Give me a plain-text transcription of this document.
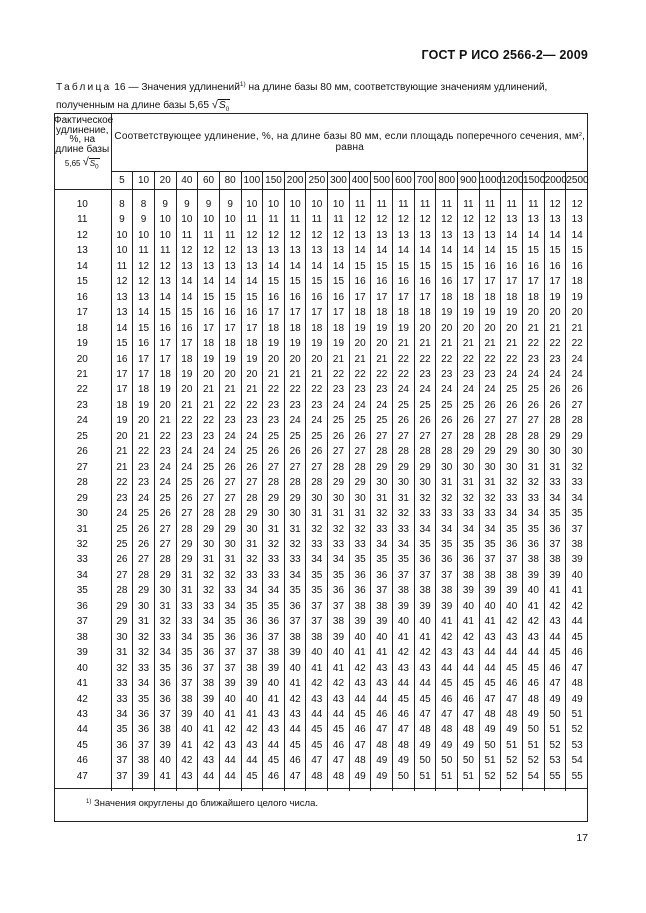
ГОСТ Р ИСО 2566-2— 2009
Таблица 16 — Значения удлинений$^{1)}$ на длине базы 80 мм, соответствующие значениям удлинений, полученным на длине базы 5,65 √ $S_0$
Фактическое удлинение, %, на длине базы
5,65 √ $S_0$	Соответствующее удлинение, %, на длине базы 80 мм, если площадь поперечного сечения, $мм^2$, равна																					
	5	10	20	40	60	80	100	150	200	250	300	400	500	600	700	800	900	1000	1200	1500	2000	2500

10	8	8	9	9	9	9	10	10	10	10	10	11	11	11	11	11	11	11	11	11	12	12
11	9	9	10	10	10	10	11	11	11	11	11	12	12	12	12	12	12	12	13	13	13	13
12	10	10	10	11	11	11	12	12	12	12	12	13	13	13	13	13	13	13	14	14	14	14
13	10	11	11	12	12	12	13	13	13	13	13	14	14	14	14	14	14	14	15	15	15	15
14	11	12	12	13	13	13	13	14	14	14	14	15	15	15	15	15	15	16	16	16	16	16
15	12	12	13	14	14	14	14	15	15	15	15	16	16	16	16	16	17	17	17	17	17	18
16	13	13	14	14	15	15	15	16	16	16	16	17	17	17	17	18	18	18	18	18	19	19
17	13	14	15	15	16	16	16	17	17	17	17	18	18	18	18	19	19	19	19	20	20	20
18	14	15	16	16	17	17	17	18	18	18	18	19	19	19	20	20	20	20	20	21	21	21
19	15	16	17	17	18	18	18	19	19	19	19	20	20	21	21	21	21	21	21	22	22	22
20	16	17	17	18	19	19	19	20	20	20	21	21	21	22	22	22	22	22	22	23	23	24
21	17	17	18	19	20	20	20	21	21	21	22	22	22	22	23	23	23	23	24	24	24	24
22	17	18	19	20	21	21	21	22	22	22	23	23	23	24	24	24	24	24	25	25	26	26
23	18	19	20	21	21	22	22	23	23	23	24	24	24	25	25	25	25	26	26	26	26	27
24	19	20	21	22	22	23	23	23	24	24	25	25	25	26	26	26	26	27	27	27	28	28
25	20	21	22	23	23	24	24	25	25	25	26	26	27	27	27	27	28	28	28	28	29	29
26	21	22	23	24	24	24	25	26	26	26	27	27	28	28	28	28	29	29	29	30	30	30
27	21	23	24	24	25	26	26	27	27	27	28	28	29	29	29	30	30	30	30	31	31	32
28	22	23	24	25	26	27	27	28	28	28	29	29	30	30	30	31	31	31	32	32	33	33
29	23	24	25	26	27	27	28	29	29	30	30	30	31	31	32	32	32	32	33	33	34	34
30	24	25	26	27	28	28	29	30	30	31	31	31	32	32	33	33	33	33	34	34	35	35
31	25	26	27	28	29	29	30	31	31	32	32	32	33	33	34	34	34	34	35	35	36	37
32	25	26	27	29	30	30	31	32	32	33	33	33	34	34	35	35	35	35	36	36	37	38
33	26	27	28	29	31	31	32	33	33	34	34	35	35	35	36	36	36	37	37	38	38	39
34	27	28	29	31	32	32	33	33	34	35	35	36	36	37	37	37	38	38	38	39	39	40
35	28	29	30	31	32	33	34	34	35	35	36	36	37	38	38	38	39	39	39	40	41	41
36	29	30	31	33	33	34	35	35	36	37	37	38	38	39	39	39	40	40	40	41	42	42
37	29	31	32	33	34	35	36	36	37	37	38	39	39	40	40	41	41	41	42	42	43	44
38	30	32	33	34	35	36	36	37	38	38	39	40	40	41	41	42	42	43	43	43	44	45
39	31	32	34	35	36	37	37	38	39	40	40	41	41	42	42	43	43	44	44	44	45	46
40	32	33	35	36	37	37	38	39	40	41	41	42	43	43	43	44	44	44	45	45	46	47
41	33	34	36	37	38	39	39	40	41	42	42	43	43	44	44	45	45	45	46	46	47	48
42	33	35	36	38	39	40	40	41	42	43	43	44	44	45	45	46	46	47	47	48	49	49
43	34	36	37	39	40	41	41	43	43	44	44	45	46	46	47	47	47	48	48	49	50	51
44	35	36	38	40	41	42	42	43	44	45	45	46	47	47	48	48	48	49	49	50	51	52
45	36	37	39	41	42	43	43	44	45	45	46	47	48	48	49	49	49	50	51	51	52	53
46	37	38	40	42	43	44	44	45	46	47	47	48	49	49	50	50	50	51	52	52	53	54
47	37	39	41	43	44	44	45	46	47	48	48	49	49	50	51	51	51	52	52	54	55	55

$^{1)}$ Значения округлены до ближайшего целого числа.
17
